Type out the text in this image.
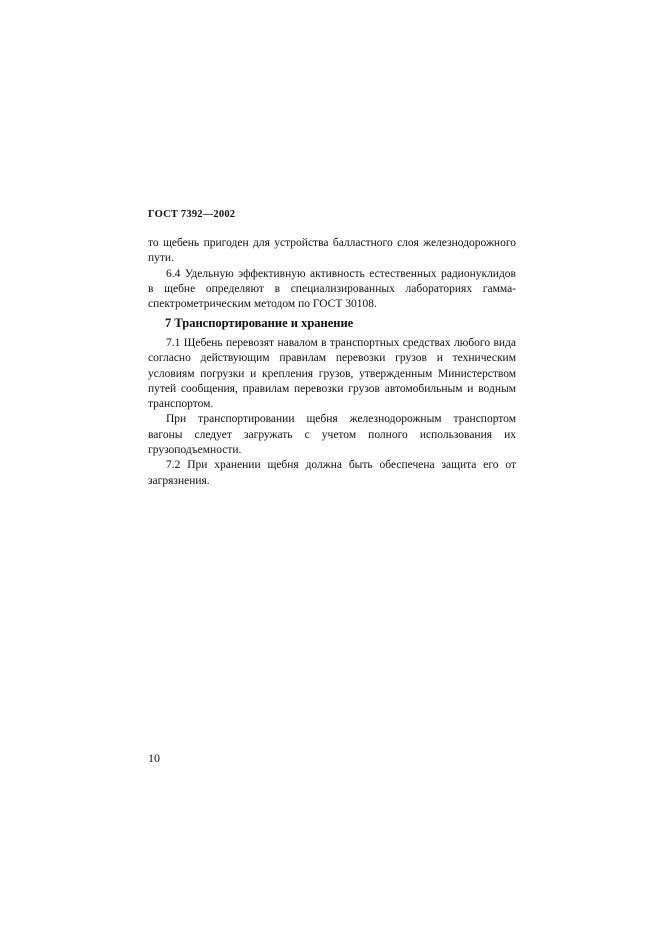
ГОСТ 7392—2002

то щебень пригоден для устройства балластного слоя железнодорожного пути.

6.4 Удельную эффективную активность естественных радионуклидов в щебне определяют в специализированных лабораториях гамма-спектрометрическим методом по ГОСТ 30108.

7 Транспортирование и хранение

7.1 Щебень перевозят навалом в транспортных средствах любого вида согласно действующим правилам перевозки грузов и техническим условиям погрузки и крепления грузов, утвержденным Министерством путей сообщения, правилам перевозки грузов автомобильным и водным транспортом.

При транспортировании щебня железнодорожным транспортом вагоны следует загружать с учетом полного использования их грузоподъемности.

7.2 При хранении щебня должна быть обеспечена защита его от загрязнения.

10
